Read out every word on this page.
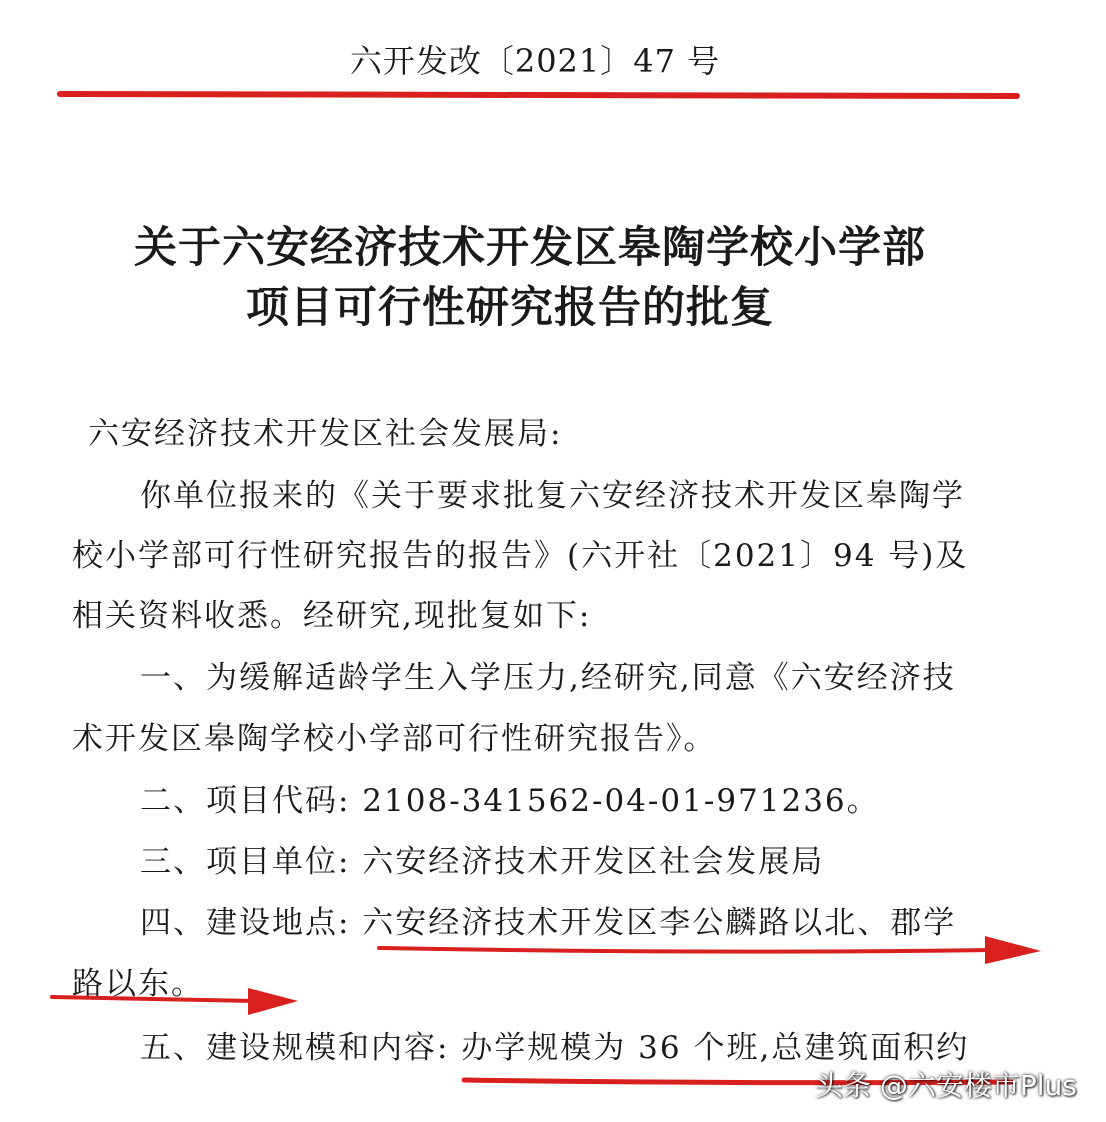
六开发改〔2021〕47 号
关于六安经济技术开发区皋陶学校小学部
项目可行性研究报告的批复
六安经济技术开发区社会发展局:
你单位报来的《关于要求批复六安经济技术开发区皋陶学
校小学部可行性研究报告的报告》(六开社〔2021〕94 号)及
相关资料收悉。经研究,现批复如下:
一、为缓解适龄学生入学压力,经研究,同意《六安经济技
术开发区皋陶学校小学部可行性研究报告》。
二、项目代码: 2108-341562-04-01-971236。
三、项目单位: 六安经济技术开发区社会发展局
四、建设地点: 六安经济技术开发区李公麟路以北、郡学
路以东。
五、建设规模和内容: 办学规模为 36 个班,总建筑面积约
头条 @六安楼市Plus
